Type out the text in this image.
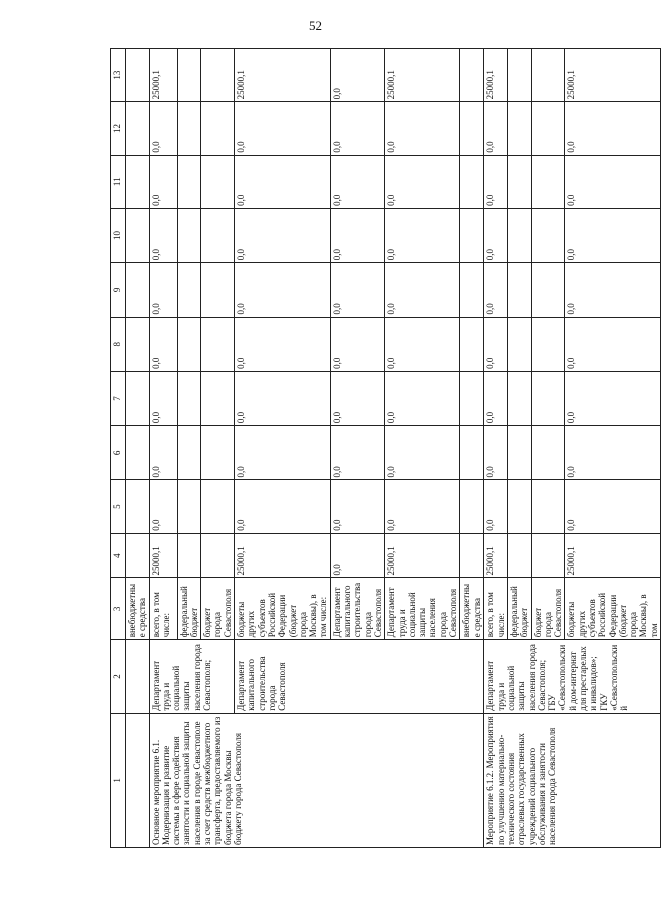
52
1	2	3	4	5	6	7	8	9	10	11	12	13
		внебюджетные средства										
Основное мероприятие 6.1. Модернизация и развитие системы в сфере содействия занятости и социальной защиты населения в городе Севастополе за счет средств межбюджетного трансферта, предоставляемого из бюджета города Москвы бюджету города Севастополя	Департамент труда и социальной защиты населения города Севастополя;	всего, в том числе:	25000,1	0,0	0,0	0,0	0,0	0,0	0,0	0,0	0,0	25000,1
		федеральный бюджет										
		бюджет города Севастополя										
	Департамент капитального строительства города Севастополя	бюджеты других субъектов Российской Федерации (бюджет города Москвы), в том числе:	25000,1	0,0	0,0	0,0	0,0	0,0	0,0	0,0	0,0	25000,1
		Департамент капитального строительства города Севастополя	0,0	0,0	0,0	0,0	0,0	0,0	0,0	0,0	0,0	0,0
		Департамент труда и социальной защиты населения города Севастополя	25000,1	0,0	0,0	0,0	0,0	0,0	0,0	0,0	0,0	25000,1
		внебюджетные средства										
Мероприятие 6.1.2. Мероприятия по улучшению материально-технического состояния отраслевых государственных учреждений социального обслуживания и занятости населения города Севастополя	Департамент труда и социальной защиты населения города Севастополя; ГБУ «Севастопольский дом-интернат для престарелых и инвалидов»; ГКУ «Севастопольский	всего, в том числе:	25000,1	0,0	0,0	0,0	0,0	0,0	0,0	0,0	0,0	25000,1
		федеральный бюджет										
		бюджет города Севастополя										
		бюджеты других субъектов Российской Федерации (бюджет города Москвы), в том	25000,1	0,0	0,0	0,0	0,0	0,0	0,0	0,0	0,0	25000,1
